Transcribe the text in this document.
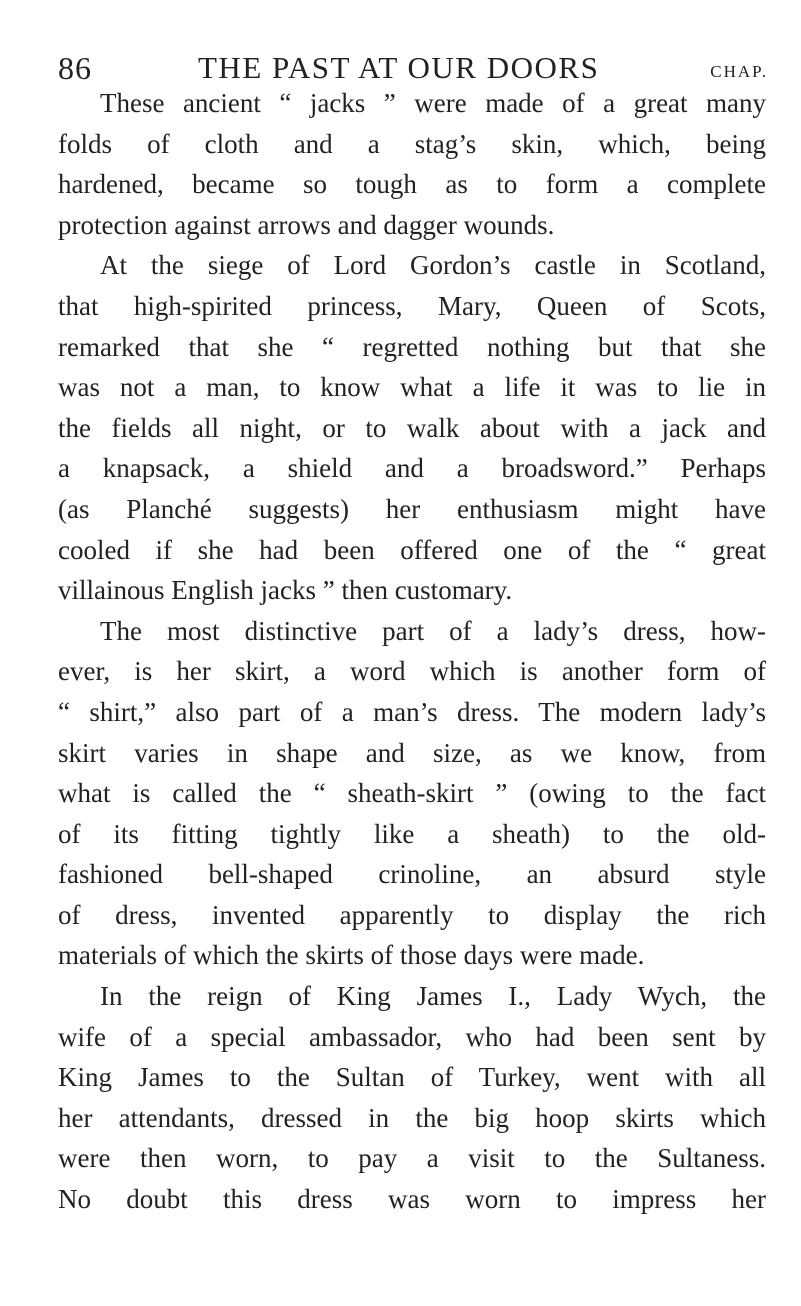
86	THE PAST AT OUR DOORS	CHAP.
These ancient “ jacks ” were made of a great many
folds of cloth and a stag’s skin, which, being
hardened, became so tough as to form a complete
protection against arrows and dagger wounds.
At the siege of Lord Gordon’s castle in Scotland,
that high-spirited princess, Mary, Queen of Scots,
remarked that she “ regretted nothing but that she
was not a man, to know what a life it was to lie in
the fields all night, or to walk about with a jack and
a knapsack, a shield and a broadsword.” Perhaps
(as Planché suggests) her enthusiasm might have
cooled if she had been offered one of the “ great
villainous English jacks ” then customary.
The most distinctive part of a lady’s dress, how-
ever, is her skirt, a word which is another form of
“ shirt,” also part of a man’s dress. The modern lady’s
skirt varies in shape and size, as we know, from
what is called the “ sheath-skirt ” (owing to the fact
of its fitting tightly like a sheath) to the old-
fashioned bell-shaped crinoline, an absurd style
of dress, invented apparently to display the rich
materials of which the skirts of those days were made.
In the reign of King James I., Lady Wych, the
wife of a special ambassador, who had been sent by
King James to the Sultan of Turkey, went with all
her attendants, dressed in the big hoop skirts which
were then worn, to pay a visit to the Sultaness.
No doubt this dress was worn to impress her
